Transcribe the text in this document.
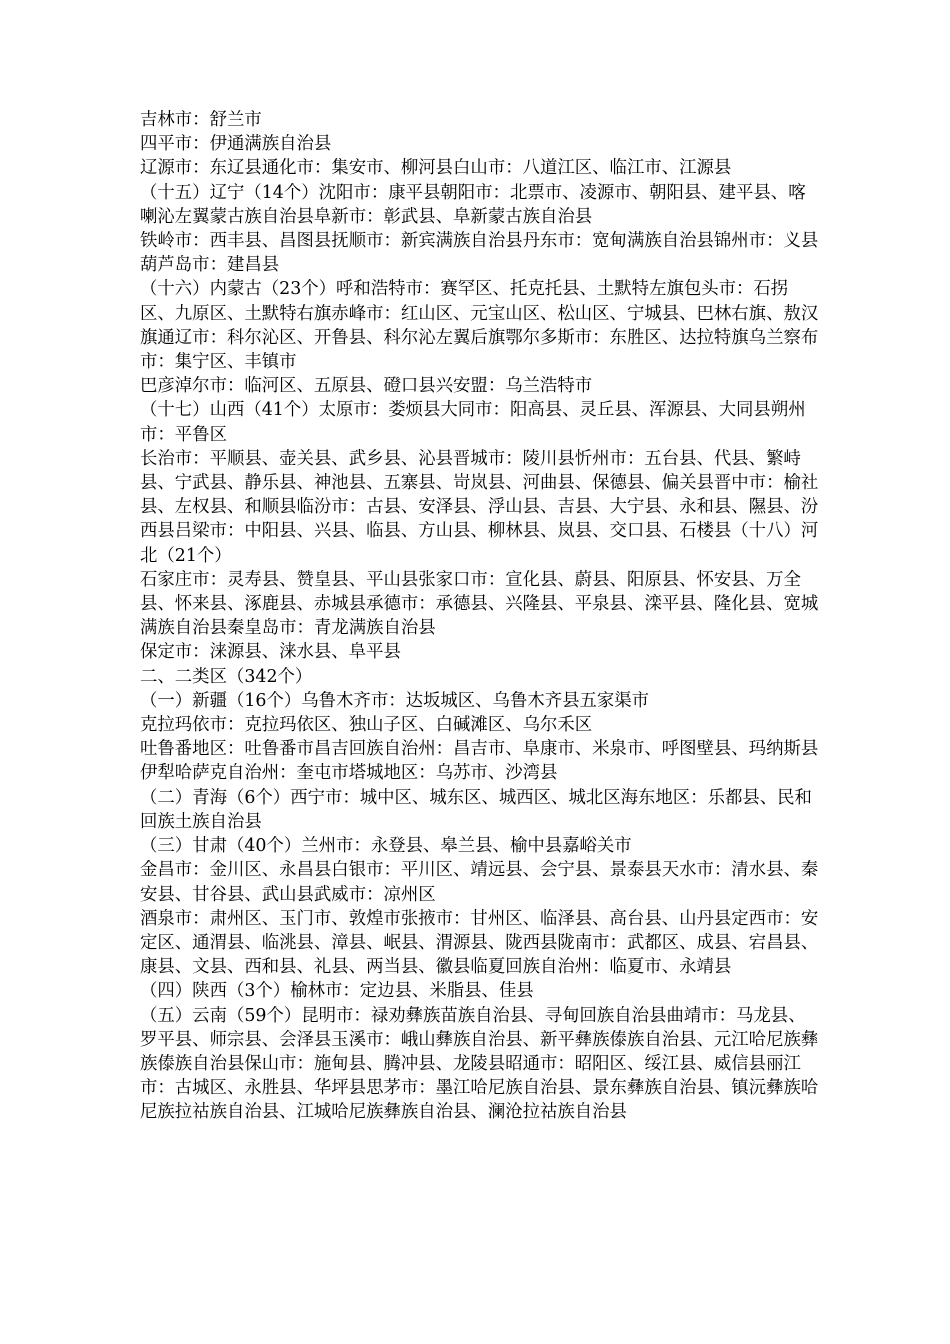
吉林市：舒兰市

四平市：伊通满族自治县

辽源市：东辽县通化市：集安市、柳河县白山市：八道江区、临江市、江源县

（十五）辽宁（14个）沈阳市：康平县朝阳市：北票市、凌源市、朝阳县、建平县、喀喇沁左翼蒙古族自治县阜新市：彰武县、阜新蒙古族自治县

铁岭市：西丰县、昌图县抚顺市：新宾满族自治县丹东市：宽甸满族自治县锦州市：义县葫芦岛市：建昌县

（十六）内蒙古（23个）呼和浩特市：赛罕区、托克托县、土默特左旗包头市：石拐区、九原区、土默特右旗赤峰市：红山区、元宝山区、松山区、宁城县、巴林右旗、敖汉旗通辽市：科尔沁区、开鲁县、科尔沁左翼后旗鄂尔多斯市：东胜区、达拉特旗乌兰察布市：集宁区、丰镇市

巴彦淖尔市：临河区、五原县、磴口县兴安盟：乌兰浩特市

（十七）山西（41个）太原市：娄烦县大同市：阳高县、灵丘县、浑源县、大同县朔州市：平鲁区

长治市：平顺县、壶关县、武乡县、沁县晋城市：陵川县忻州市：五台县、代县、繁峙县、宁武县、静乐县、神池县、五寨县、岢岚县、河曲县、保德县、偏关县晋中市：榆社县、左权县、和顺县临汾市：古县、安泽县、浮山县、吉县、大宁县、永和县、隰县、汾西县吕梁市：中阳县、兴县、临县、方山县、柳林县、岚县、交口县、石楼县（十八）河北（21个）

石家庄市：灵寿县、赞皇县、平山县张家口市：宣化县、蔚县、阳原县、怀安县、万全县、怀来县、涿鹿县、赤城县承德市：承德县、兴隆县、平泉县、滦平县、隆化县、宽城满族自治县秦皇岛市：青龙满族自治县

保定市：涞源县、涞水县、阜平县

二、二类区（342个）

（一）新疆（16个）乌鲁木齐市：达坂城区、乌鲁木齐县五家渠市

克拉玛依市：克拉玛依区、独山子区、白碱滩区、乌尔禾区

吐鲁番地区：吐鲁番市昌吉回族自治州：昌吉市、阜康市、米泉市、呼图壁县、玛纳斯县伊犁哈萨克自治州：奎屯市塔城地区：乌苏市、沙湾县

（二）青海（6个）西宁市：城中区、城东区、城西区、城北区海东地区：乐都县、民和回族土族自治县

（三）甘肃（40个）兰州市：永登县、皋兰县、榆中县嘉峪关市

金昌市：金川区、永昌县白银市：平川区、靖远县、会宁县、景泰县天水市：清水县、秦安县、甘谷县、武山县武威市：凉州区

酒泉市：肃州区、玉门市、敦煌市张掖市：甘州区、临泽县、高台县、山丹县定西市：安定区、通渭县、临洮县、漳县、岷县、渭源县、陇西县陇南市：武都区、成县、宕昌县、康县、文县、西和县、礼县、两当县、徽县临夏回族自治州：临夏市、永靖县

（四）陕西（3个）榆林市：定边县、米脂县、佳县

（五）云南（59个）昆明市：禄劝彝族苗族自治县、寻甸回族自治县曲靖市：马龙县、罗平县、师宗县、会泽县玉溪市：峨山彝族自治县、新平彝族傣族自治县、元江哈尼族彝族傣族自治县保山市：施甸县、腾冲县、龙陵县昭通市：昭阳区、绥江县、威信县丽江市：古城区、永胜县、华坪县思茅市：墨江哈尼族自治县、景东彝族自治县、镇沅彝族哈尼族拉祜族自治县、江城哈尼族彝族自治县、澜沧拉祜族自治县
